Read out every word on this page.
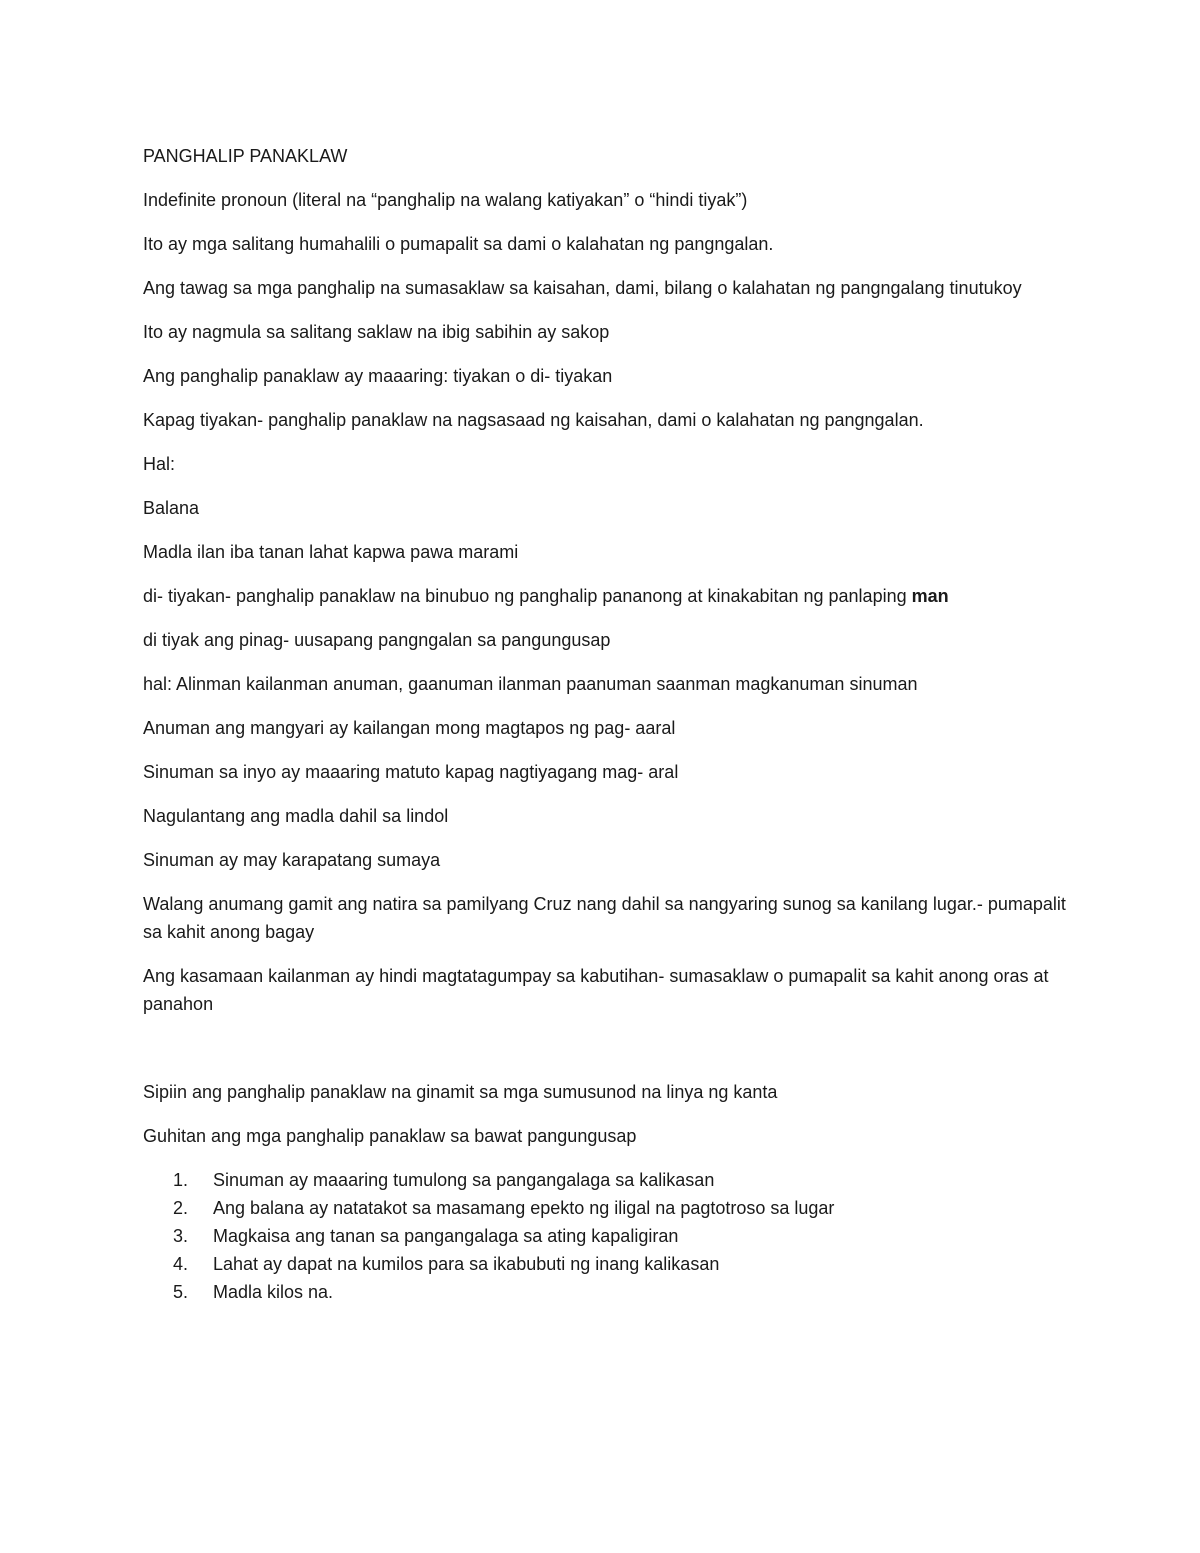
PANGHALIP PANAKLAW

Indefinite pronoun (literal na “panghalip na walang katiyakan” o “hindi tiyak”)

Ito ay mga salitang humahalili o pumapalit sa dami o kalahatan ng pangngalan.

Ang tawag sa mga panghalip na sumasaklaw sa kaisahan, dami, bilang o kalahatan ng pangngalang tinutukoy

Ito ay nagmula sa salitang saklaw na ibig sabihin ay sakop

Ang panghalip panaklaw ay maaaring: tiyakan o di- tiyakan

Kapag tiyakan- panghalip panaklaw na nagsasaad ng kaisahan, dami o kalahatan ng pangngalan.

Hal:

Balana

Madla ilan iba tanan lahat kapwa pawa marami

di- tiyakan- panghalip panaklaw na binubuo ng panghalip pananong at kinakabitan ng panlaping man

di tiyak ang pinag- uusapang pangngalan sa pangungusap

hal: Alinman kailanman anuman, gaanuman ilanman paanuman saanman magkanuman sinuman

Anuman ang mangyari ay kailangan mong magtapos ng pag- aaral

Sinuman sa inyo ay maaaring matuto kapag nagtiyagang mag- aral

Nagulantang ang madla dahil sa lindol

Sinuman ay may karapatang sumaya

Walang anumang gamit ang natira sa pamilyang Cruz nang dahil sa nangyaring sunog sa kanilang lugar.- pumapalit sa kahit anong bagay

Ang kasamaan kailanman ay hindi magtatagumpay sa kabutihan- sumasaklaw o pumapalit sa kahit anong oras at panahon

Sipiin ang panghalip panaklaw na ginamit sa mga sumusunod na linya ng kanta

Guhitan ang mga panghalip panaklaw sa bawat pangungusap

1.	Sinuman ay maaaring tumulong sa pangangalaga sa kalikasan
2.	Ang balana ay natatakot sa masamang epekto ng iligal na pagtotroso sa lugar
3.	Magkaisa ang tanan sa pangangalaga sa ating kapaligiran
4.	Lahat ay dapat na kumilos para sa ikabubuti ng inang kalikasan
5.	Madla kilos na.
